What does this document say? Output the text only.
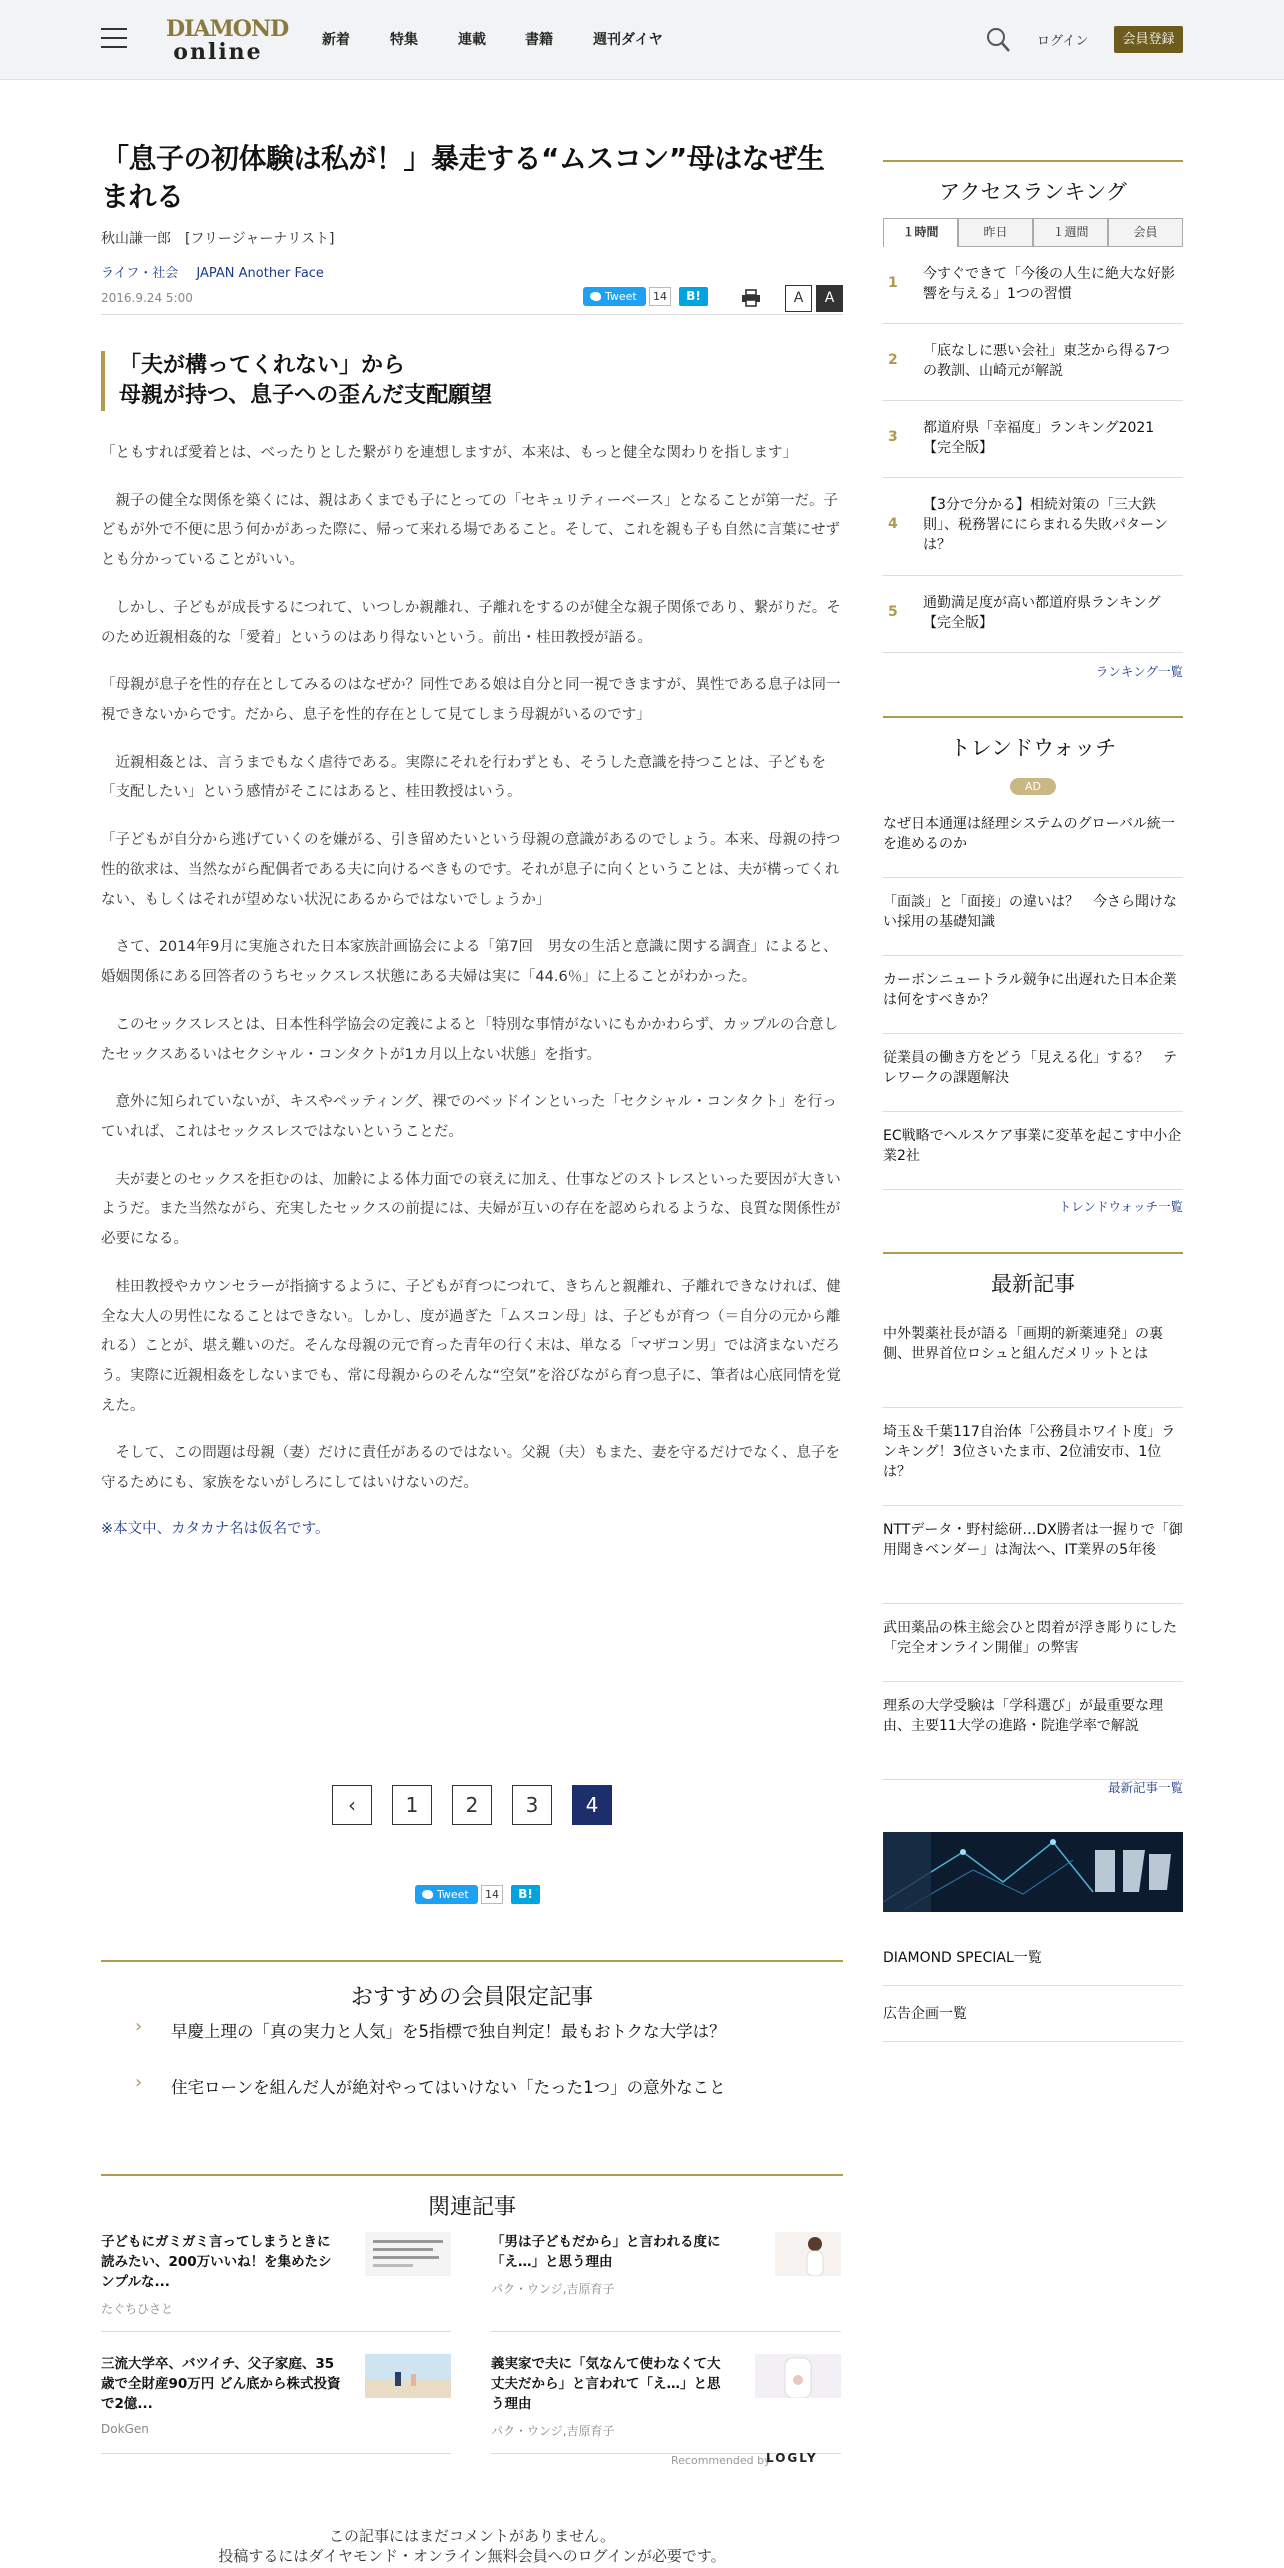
DIAMOND
online	新着	特集	連載	書籍	週刊ダイヤ	ログイン	会員登録
「息子の初体験は私が！」暴走する“ムスコン”母はなぜ生まれる
秋山謙一郎　[フリージャーナリスト]
ライフ・社会 JAPAN Another Face
2016.9.24 5:00	Tweet	14	B!	A	A
「夫が構ってくれない」から
母親が持つ、息子への歪んだ支配願望

「ともすれば愛着とは、べったりとした繋がりを連想しますが、本来は、もっと健全な関わりを指します」

　親子の健全な関係を築くには、親はあくまでも子にとっての「セキュリティーベース」となることが第一だ。子どもが外で不便に思う何かがあった際に、帰って来れる場であること。そして、これを親も子も自然に言葉にせずとも分かっていることがいい。

　しかし、子どもが成長するにつれて、いつしか親離れ、子離れをするのが健全な親子関係であり、繋がりだ。そのため近親相姦的な「愛着」というのはあり得ないという。前出・桂田教授が語る。

「母親が息子を性的存在としてみるのはなぜか？同性である娘は自分と同一視できますが、異性である息子は同一視できないからです。だから、息子を性的存在として見てしまう母親がいるのです」

　近親相姦とは、言うまでもなく虐待である。実際にそれを行わずとも、そうした意識を持つことは、子どもを「支配したい」という感情がそこにはあると、桂田教授はいう。

「子どもが自分から逃げていくのを嫌がる、引き留めたいという母親の意識があるのでしょう。本来、母親の持つ性的欲求は、当然ながら配偶者である夫に向けるべきものです。それが息子に向くということは、夫が構ってくれない、もしくはそれが望めない状況にあるからではないでしょうか」

　さて、2014年9月に実施された日本家族計画協会による「第7回　男女の生活と意識に関する調査」によると、婚姻関係にある回答者のうちセックスレス状態にある夫婦は実に「44.6％」に上ることがわかった。

　このセックスレスとは、日本性科学協会の定義によると「特別な事情がないにもかかわらず、カップルの合意したセックスあるいはセクシャル・コンタクトが1カ月以上ない状態」を指す。

　意外に知られていないが、キスやペッティング、裸でのベッドインといった「セクシャル・コンタクト」を行っていれば、これはセックスレスではないということだ。

　夫が妻とのセックスを拒むのは、加齢による体力面での衰えに加え、仕事などのストレスといった要因が大きいようだ。また当然ながら、充実したセックスの前提には、夫婦が互いの存在を認められるような、良質な関係性が必要になる。

　桂田教授やカウンセラーが指摘するように、子どもが育つにつれて、きちんと親離れ、子離れできなければ、健全な大人の男性になることはできない。しかし、度が過ぎた「ムスコン母」は、子どもが育つ（＝自分の元から離れる）ことが、堪え難いのだ。そんな母親の元で育った青年の行く末は、単なる「マザコン男」では済まないだろう。実際に近親相姦をしないまでも、常に母親からのそんな“空気”を浴びながら育つ息子に、筆者は心底同情を覚えた。

　そして、この問題は母親（妻）だけに責任があるのではない。父親（夫）もまた、妻を守るだけでなく、息子を守るためにも、家族をないがしろにしてはいけないのだ。

※本文中、カタカナ名は仮名です。
‹	1	2	3	4
Tweet	14	B!
おすすめの会員限定記事
› 早慶上理の「真の実力と人気」を5指標で独自判定！最もおトクな大学は？
› 住宅ローンを組んだ人が絶対やってはいけない「たった1つ」の意外なこと
関連記事
子どもにガミガミ言ってしまうときに読みたい、200万いいね！を集めたシンプルな...
たぐちひさと
「男は子どもだから」と言われる度に「え…」と思う理由
パク・ウンジ,吉原育子
三流大学卒、バツイチ、父子家庭、35歳で全財産90万円 どん底から株式投資で2億...
DokGen
義実家で夫に「気なんて使わなくて大丈夫だから」と言われて「え…」と思う理由
パク・ウンジ,吉原育子
Recommended by
LOGLY
この記事にはまだコメントがありません。
投稿するにはダイヤモンド・オンライン無料会員へのログインが必要です。
アクセスランキング
１時間	昨日	１週間	会員
1
今すぐできて「今後の人生に絶大な好影響を与える」1つの習慣
2
「底なしに悪い会社」東芝から得る7つの教訓、山崎元が解説
3
都道府県「幸福度」ランキング2021【完全版】
4
【3分で分かる】相続対策の「三大鉄則」、税務署ににらまれる失敗パターンは？
5
通勤満足度が高い都道府県ランキング【完全版】
ランキング一覧
トレンドウォッチ
AD
なぜ日本通運は経理システムのグローバル統一を進めるのか
「面談」と「面接」の違いは？　今さら聞けない採用の基礎知識
カーボンニュートラル競争に出遅れた日本企業は何をすべきか？
従業員の働き方をどう「見える化」する？　テレワークの課題解決
EC戦略でヘルスケア事業に変革を起こす中小企業2社
トレンドウォッチ一覧
最新記事
中外製薬社長が語る「画期的新薬連発」の裏側、世界首位ロシュと組んだメリットとは
埼玉＆千葉117自治体「公務員ホワイト度」ランキング！3位さいたま市、2位浦安市、1位は？
NTTデータ・野村総研…DX勝者は一握りで「御用聞きベンダー」は淘汰へ、IT業界の5年後
武田薬品の株主総会ひと悶着が浮き彫りにした「完全オンライン開催」の弊害
理系の大学受験は「学科選び」が最重要な理由、主要11大学の進路・院進学率で解説
最新記事一覧
DIAMOND SPECIAL一覧
広告企画一覧
